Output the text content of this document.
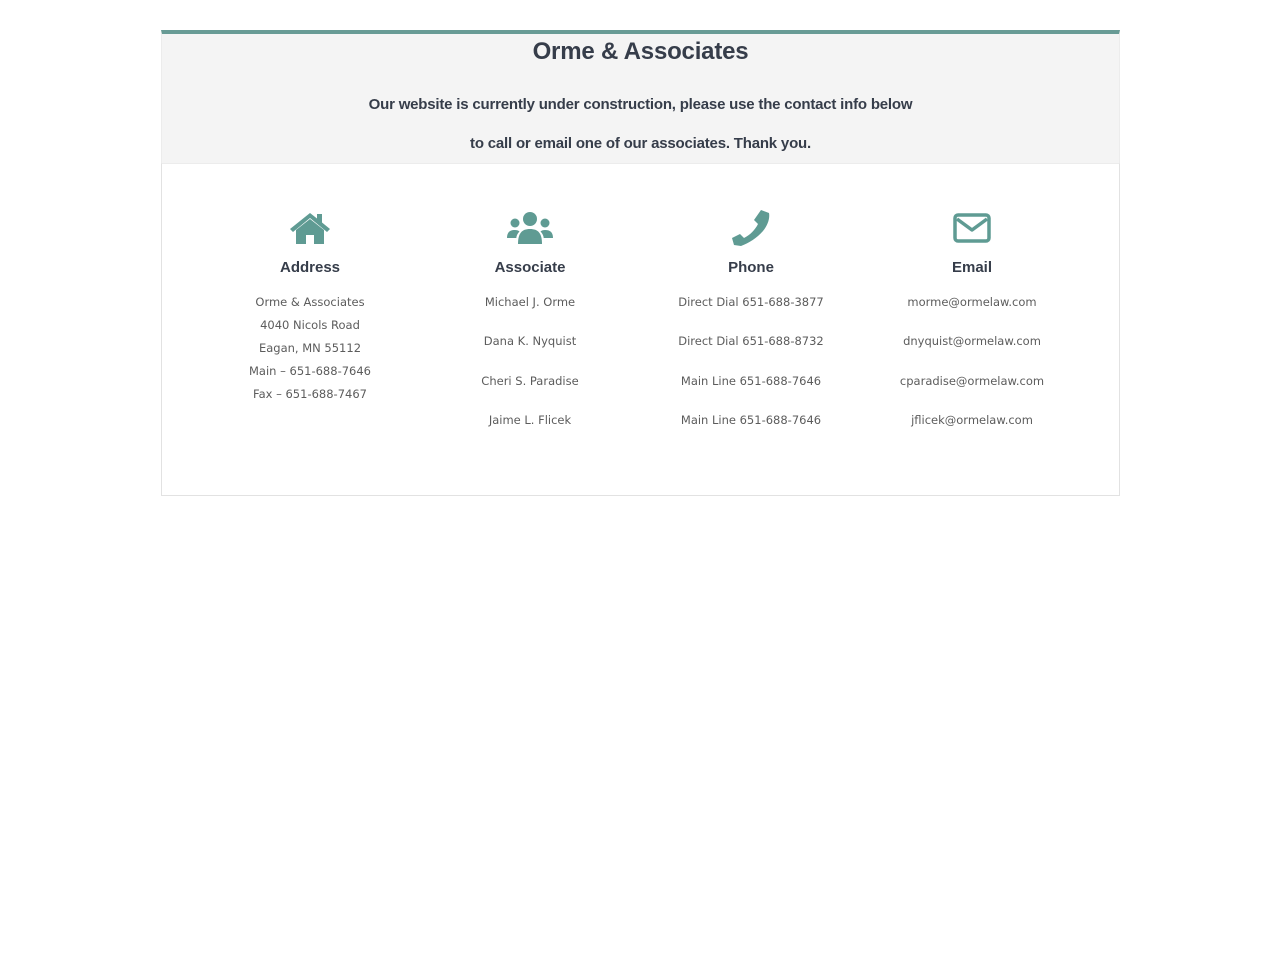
Orme & Associates

Our website is currently under construction, please use the contact info below

to call or email one of our associates. Thank you.

Address
Orme & Associates
4040 Nicols Road
Eagan, MN 55112
Main – 651-688-7646
Fax – 651-688-7467
Associate
Michael J. Orme
Dana K. Nyquist
Cheri S. Paradise
Jaime L. Flicek
Phone
Direct Dial 651-688-3877
Direct Dial 651-688-8732
Main Line 651-688-7646
Main Line 651-688-7646
Email
morme@ormelaw.com
dnyquist@ormelaw.com
cparadise@ormelaw.com
jflicek@ormelaw.com
